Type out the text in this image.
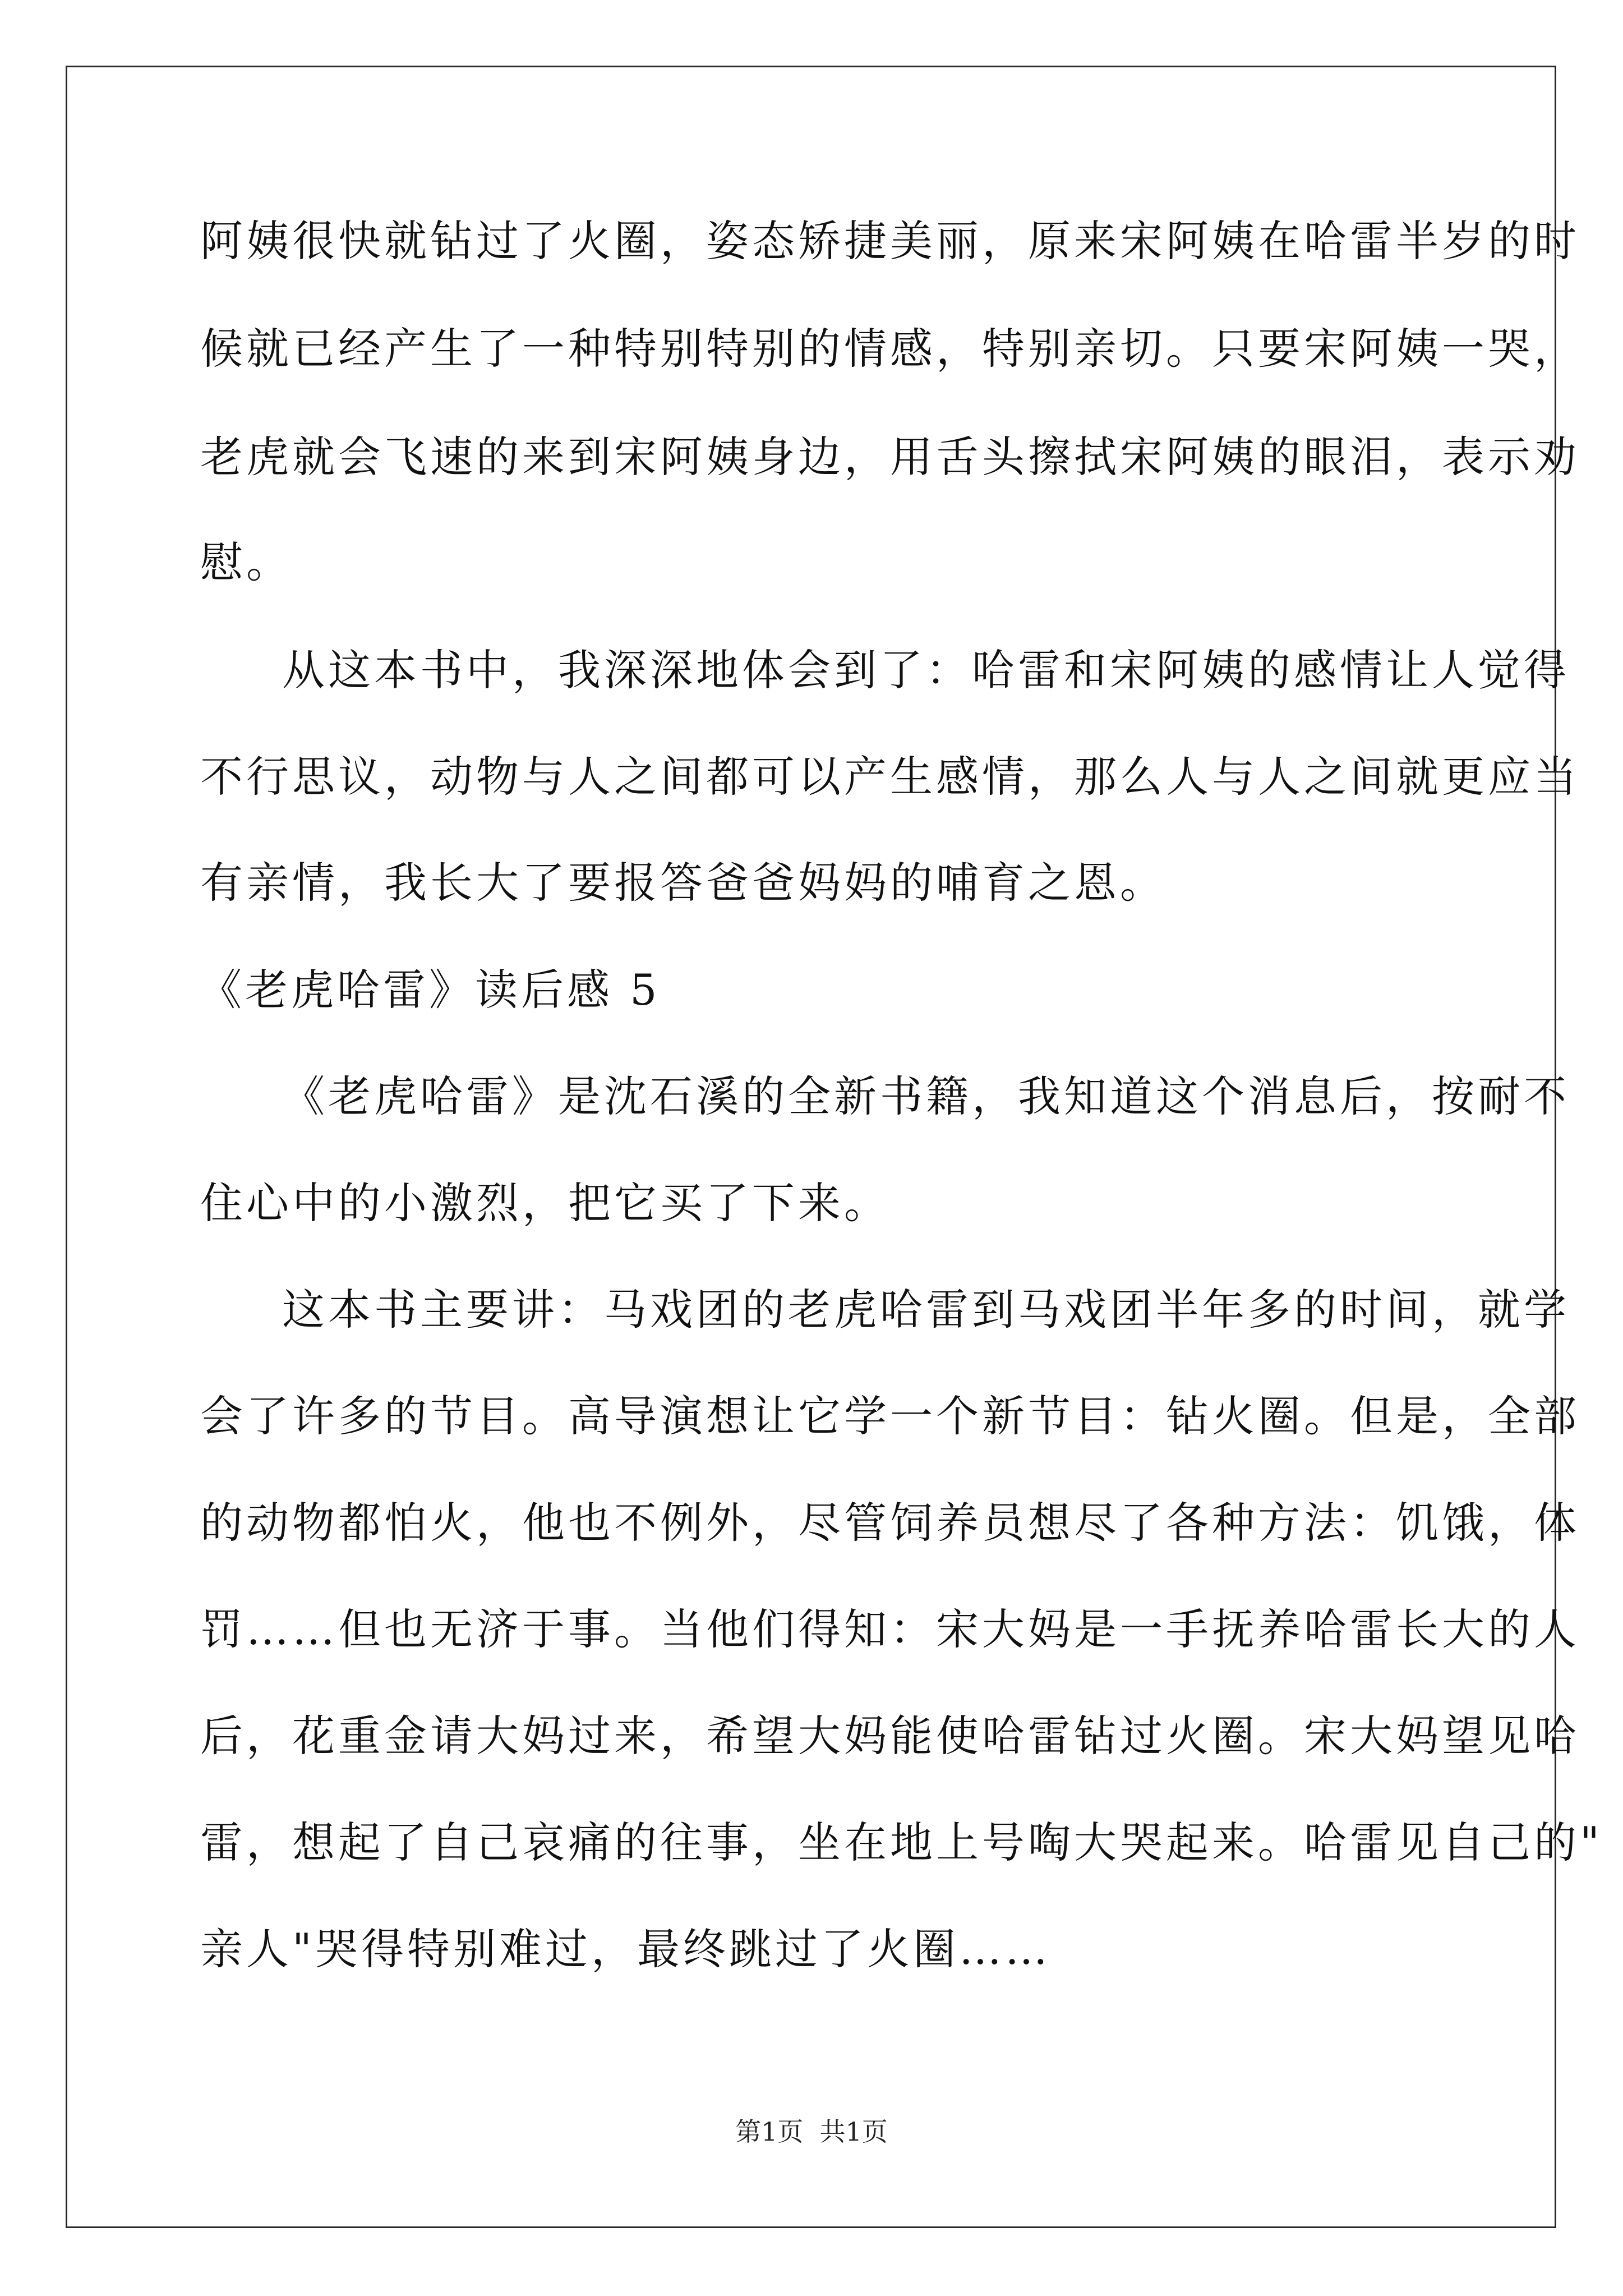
阿姨很快就钻过了火圈，姿态矫捷美丽，原来宋阿姨在哈雷半岁的时
候就已经产生了一种特别特别的情感，特别亲切。只要宋阿姨一哭，
老虎就会飞速的来到宋阿姨身边，用舌头擦拭宋阿姨的眼泪，表示劝
慰。
从这本书中，我深深地体会到了：哈雷和宋阿姨的感情让人觉得
不行思议，动物与人之间都可以产生感情，那么人与人之间就更应当
有亲情，我长大了要报答爸爸妈妈的哺育之恩。
《老虎哈雷》读后感 5
《老虎哈雷》是沈石溪的全新书籍，我知道这个消息后，按耐不
住心中的小激烈，把它买了下来。
这本书主要讲：马戏团的老虎哈雷到马戏团半年多的时间，就学
会了许多的节目。高导演想让它学一个新节目：钻火圈。但是，全部
的动物都怕火，他也不例外，尽管饲养员想尽了各种方法：饥饿，体
罚……但也无济于事。当他们得知：宋大妈是一手抚养哈雷长大的人
后，花重金请大妈过来，希望大妈能使哈雷钻过火圈。宋大妈望见哈
雷，想起了自己哀痛的往事，坐在地上号啕大哭起来。哈雷见自己的"
亲人"哭得特别难过，最终跳过了火圈……
第1页  共1页
